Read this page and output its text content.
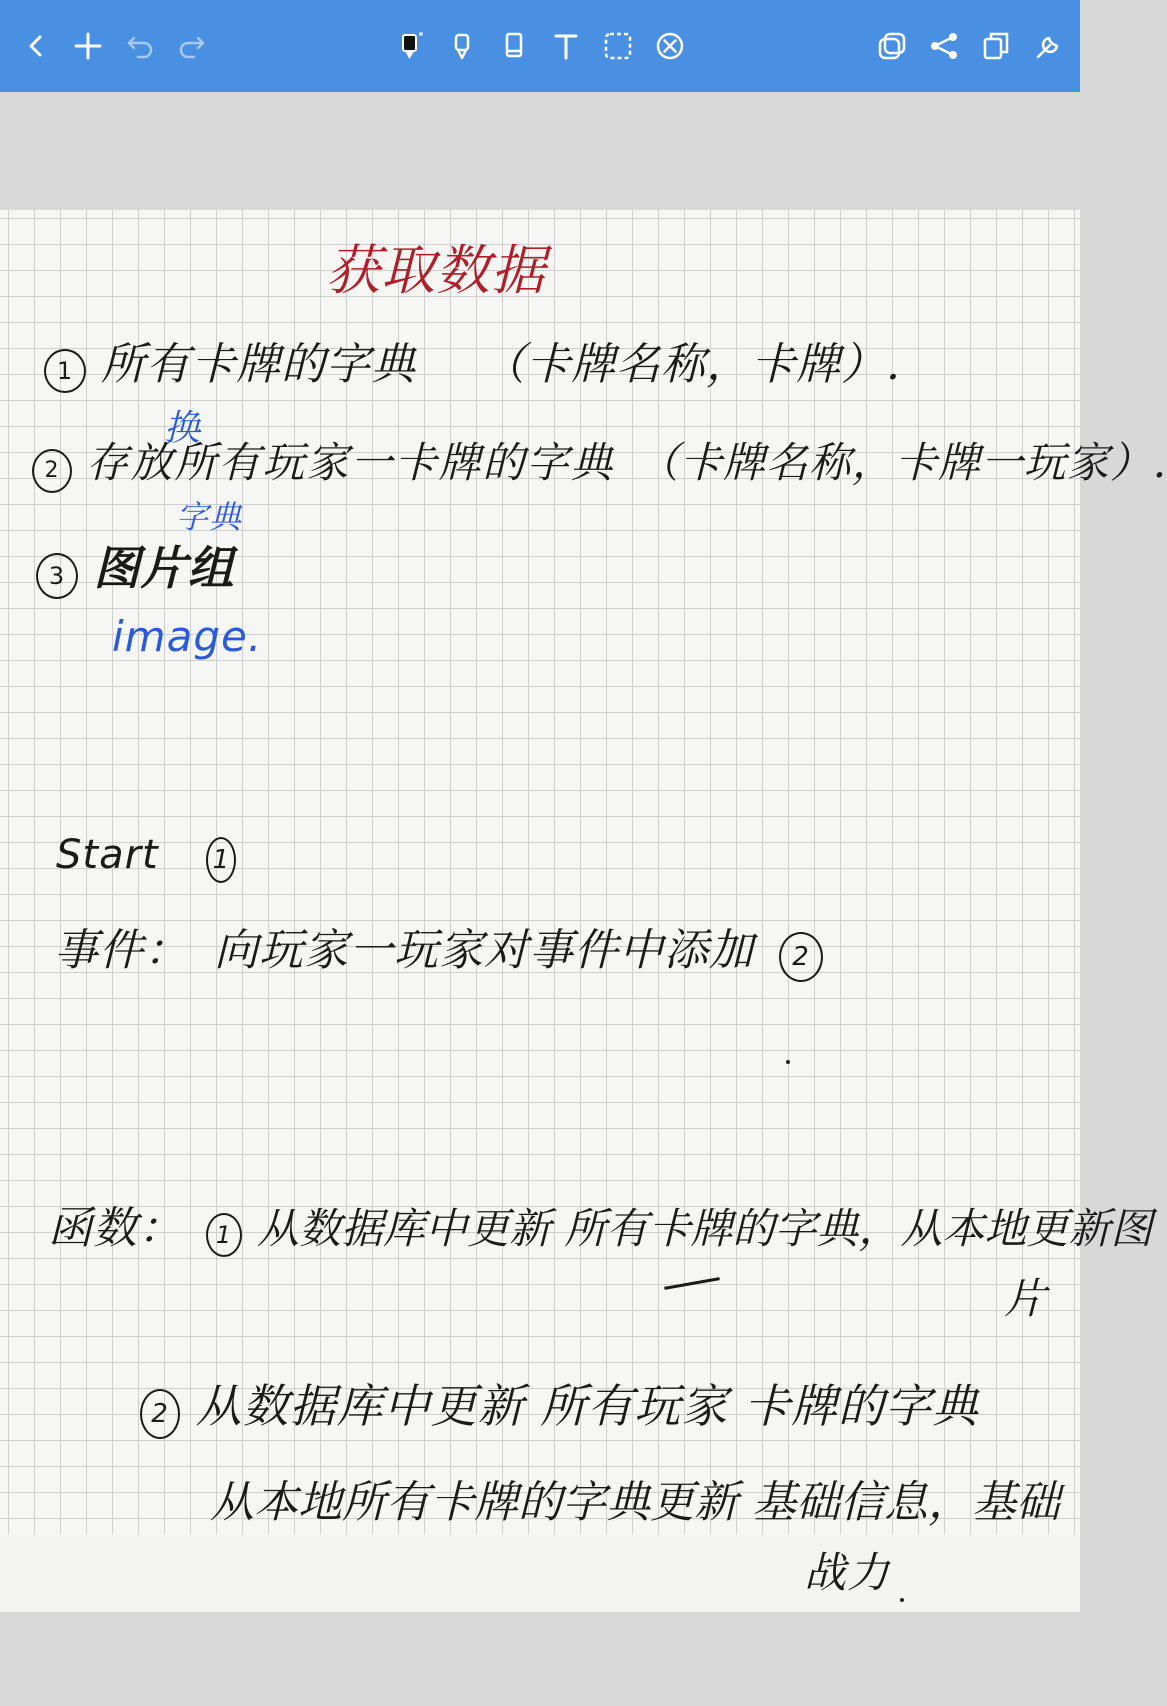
获取数据
1 所有卡牌的字典 （卡牌名称，卡牌）.
换
2 存放所有玩家一卡牌的字典 （卡牌名称，卡牌一玩家）.
字典
3 图片组
image.
Start 1
事件： 向玩家一玩家对事件中添加 2
函数： 1 从数据库中更新 所有卡牌的字典，从本地更新图
片
2 从数据库中更新 所有玩家 卡牌的字典
从本地所有卡牌的字典更新 基础信息，基础
战力
